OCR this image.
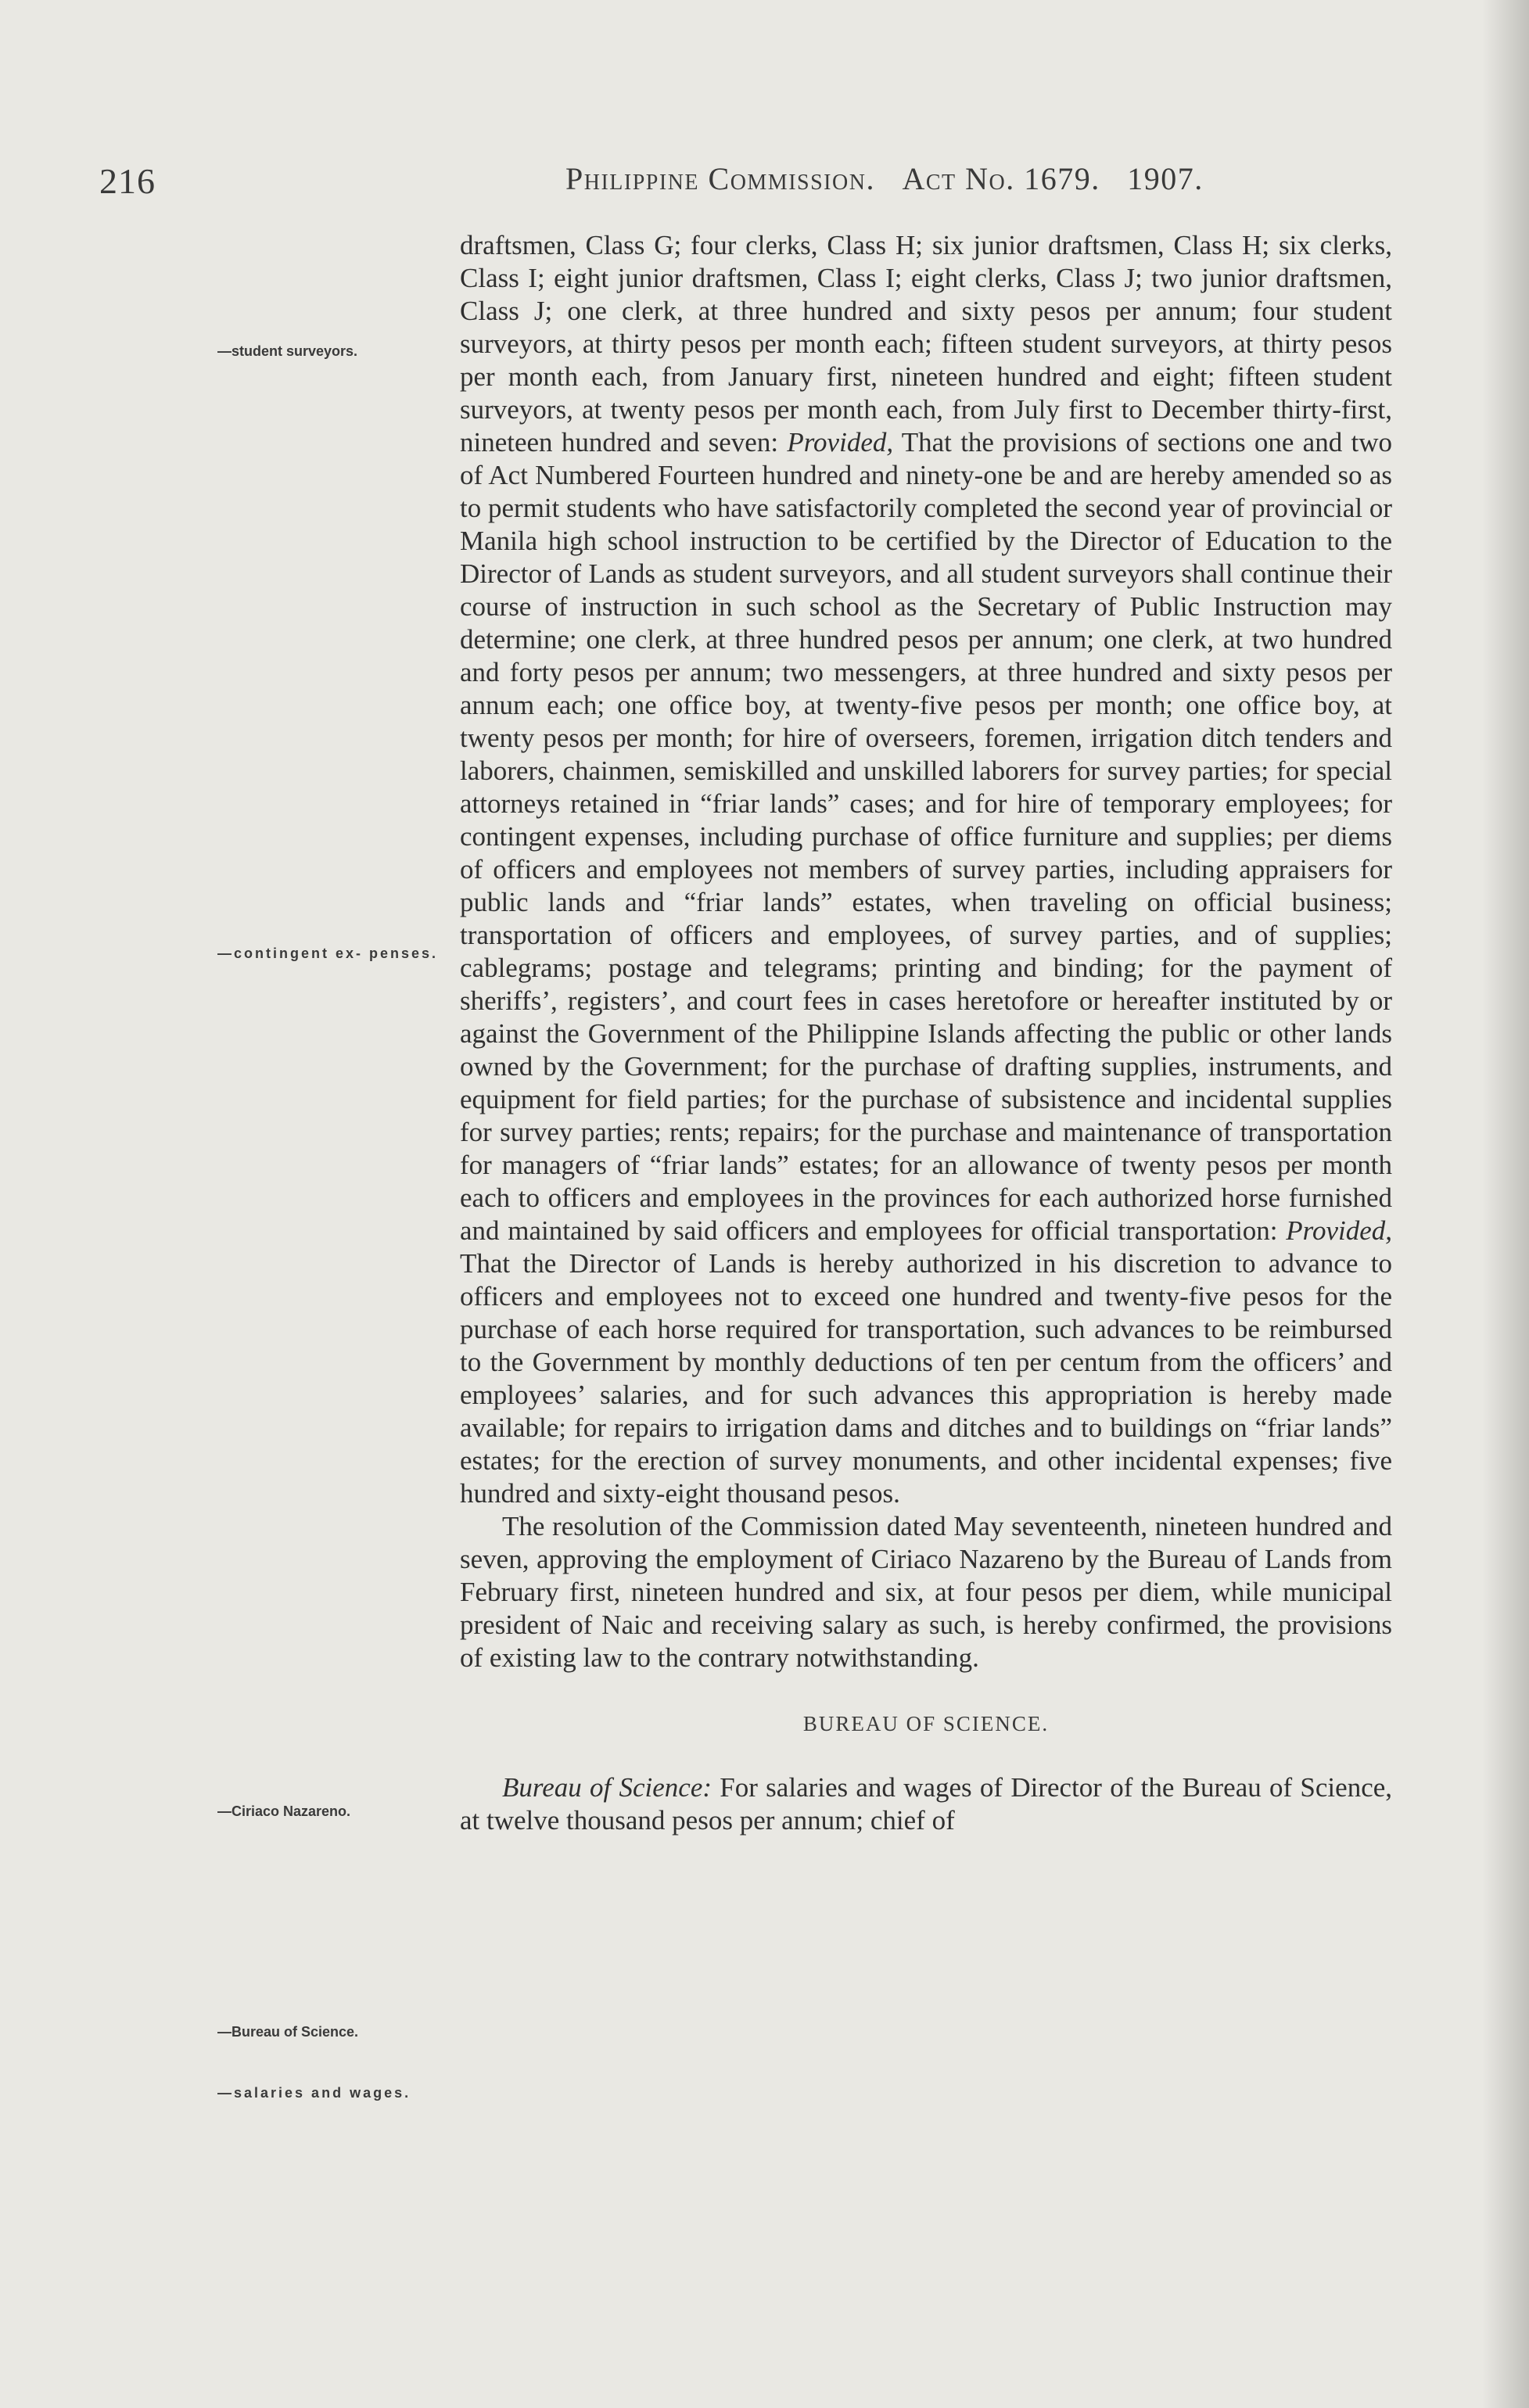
216	Philippine Commission. Act No. 1679. 1907.
—student surveyors.
—contingent ex- penses.
—Ciriaco Nazareno.
—Bureau of Science.
—salaries and wages.

draftsmen, Class G; four clerks, Class H; six junior draftsmen, Class H; six clerks, Class I; eight junior draftsmen, Class I; eight clerks, Class J; two junior draftsmen, Class J; one clerk, at three hundred and sixty pesos per annum; four student surveyors, at thirty pesos per month each; fifteen student surveyors, at thirty pesos per month each, from January first, nineteen hundred and eight; fifteen student surveyors, at twenty pesos per month each, from July first to December thirty-first, nineteen hundred and seven: Provided, That the provisions of sections one and two of Act Numbered Fourteen hundred and ninety-one be and are hereby amended so as to permit students who have satisfactorily completed the second year of provincial or Manila high school instruction to be certified by the Director of Education to the Director of Lands as student surveyors, and all student surveyors shall continue their course of instruction in such school as the Secretary of Public Instruction may determine; one clerk, at three hundred pesos per annum; one clerk, at two hundred and forty pesos per annum; two messengers, at three hundred and sixty pesos per annum each; one office boy, at twenty-five pesos per month; one office boy, at twenty pesos per month; for hire of overseers, foremen, irrigation ditch tenders and laborers, chainmen, semiskilled and unskilled laborers for survey parties; for special attorneys retained in “friar lands” cases; and for hire of temporary employees; for contingent expenses, including purchase of office furniture and supplies; per diems of officers and employees not members of survey parties, including appraisers for public lands and “friar lands” estates, when traveling on official business; transportation of officers and employees, of survey parties, and of supplies; cablegrams; postage and telegrams; printing and binding; for the payment of sheriffs’, registers’, and court fees in cases heretofore or hereafter instituted by or against the Government of the Philippine Islands affecting the public or other lands owned by the Government; for the purchase of drafting supplies, instruments, and equipment for field parties; for the purchase of subsistence and incidental supplies for survey parties; rents; repairs; for the purchase and maintenance of transportation for managers of “friar lands” estates; for an allowance of twenty pesos per month each to officers and employees in the provinces for each authorized horse furnished and maintained by said officers and employees for official transportation: Provided, That the Director of Lands is hereby authorized in his discretion to advance to officers and employees not to exceed one hundred and twenty-five pesos for the purchase of each horse required for transportation, such advances to be reimbursed to the Government by monthly deductions of ten per centum from the officers’ and employees’ salaries, and for such advances this appropriation is hereby made available; for repairs to irrigation dams and ditches and to buildings on “friar lands” estates; for the erection of survey monuments, and other incidental expenses; five hundred and sixty-eight thousand pesos.

The resolution of the Commission dated May seventeenth, nineteen hundred and seven, approving the employment of Ciriaco Nazareno by the Bureau of Lands from February first, nineteen hundred and six, at four pesos per diem, while municipal president of Naic and receiving salary as such, is hereby confirmed, the provisions of existing law to the contrary notwithstanding.

BUREAU OF SCIENCE.

Bureau of Science: For salaries and wages of Director of the Bureau of Science, at twelve thousand pesos per annum; chief of
